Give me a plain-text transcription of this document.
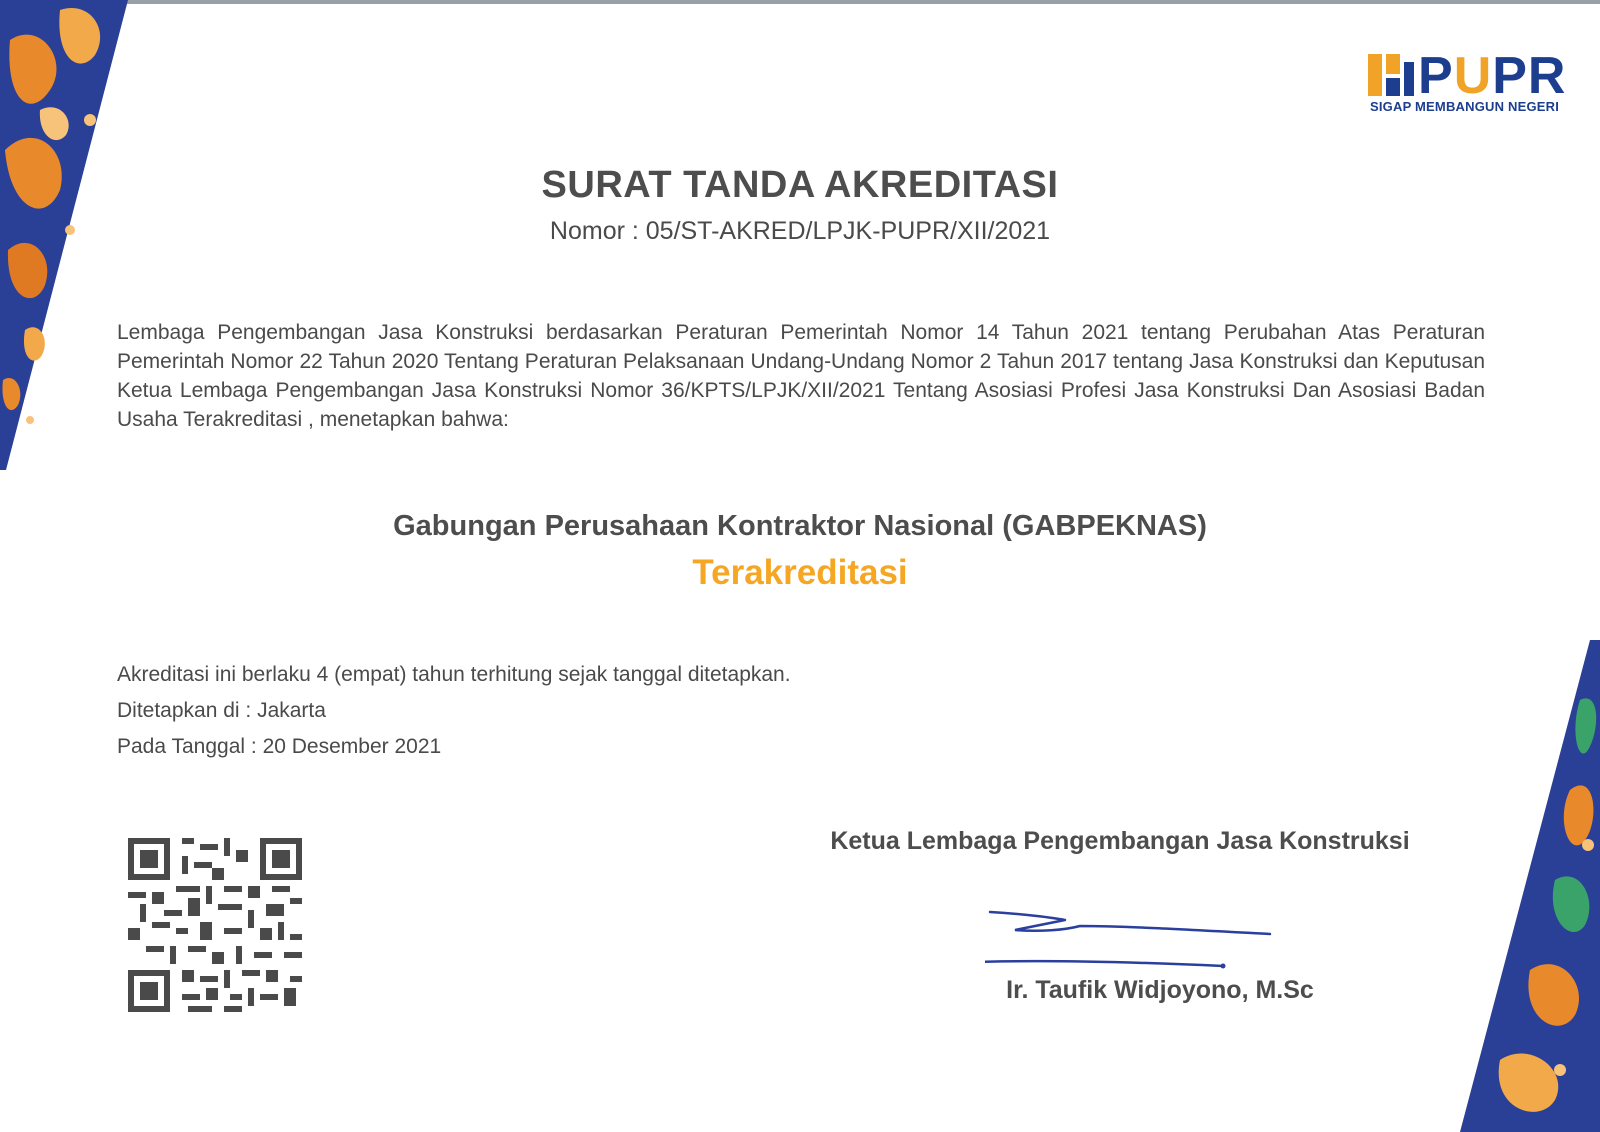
PUPR
SIGAP MEMBANGUN NEGERI
SURAT TANDA AKREDITASI
Nomor : 05/ST-AKRED/LPJK-PUPR/XII/2021
Lembaga Pengembangan Jasa Konstruksi berdasarkan Peraturan Pemerintah Nomor 14 Tahun 2021 tentang Perubahan Atas Peraturan Pemerintah Nomor 22 Tahun 2020 Tentang Peraturan Pelaksanaan Undang-Undang Nomor 2 Tahun 2017 tentang Jasa Konstruksi dan Keputusan Ketua Lembaga Pengembangan Jasa Konstruksi Nomor 36/KPTS/LPJK/XII/2021 Tentang Asosiasi Profesi Jasa Konstruksi Dan Asosiasi Badan Usaha Terakreditasi , menetapkan bahwa:
Gabungan Perusahaan Kontraktor Nasional (GABPEKNAS)
Terakreditasi
Akreditasi ini berlaku 4 (empat) tahun terhitung sejak tanggal ditetapkan.
Ditetapkan di : Jakarta
Pada Tanggal : 20 Desember 2021
Ketua Lembaga Pengembangan Jasa Konstruksi
Ir. Taufik Widjoyono, M.Sc
